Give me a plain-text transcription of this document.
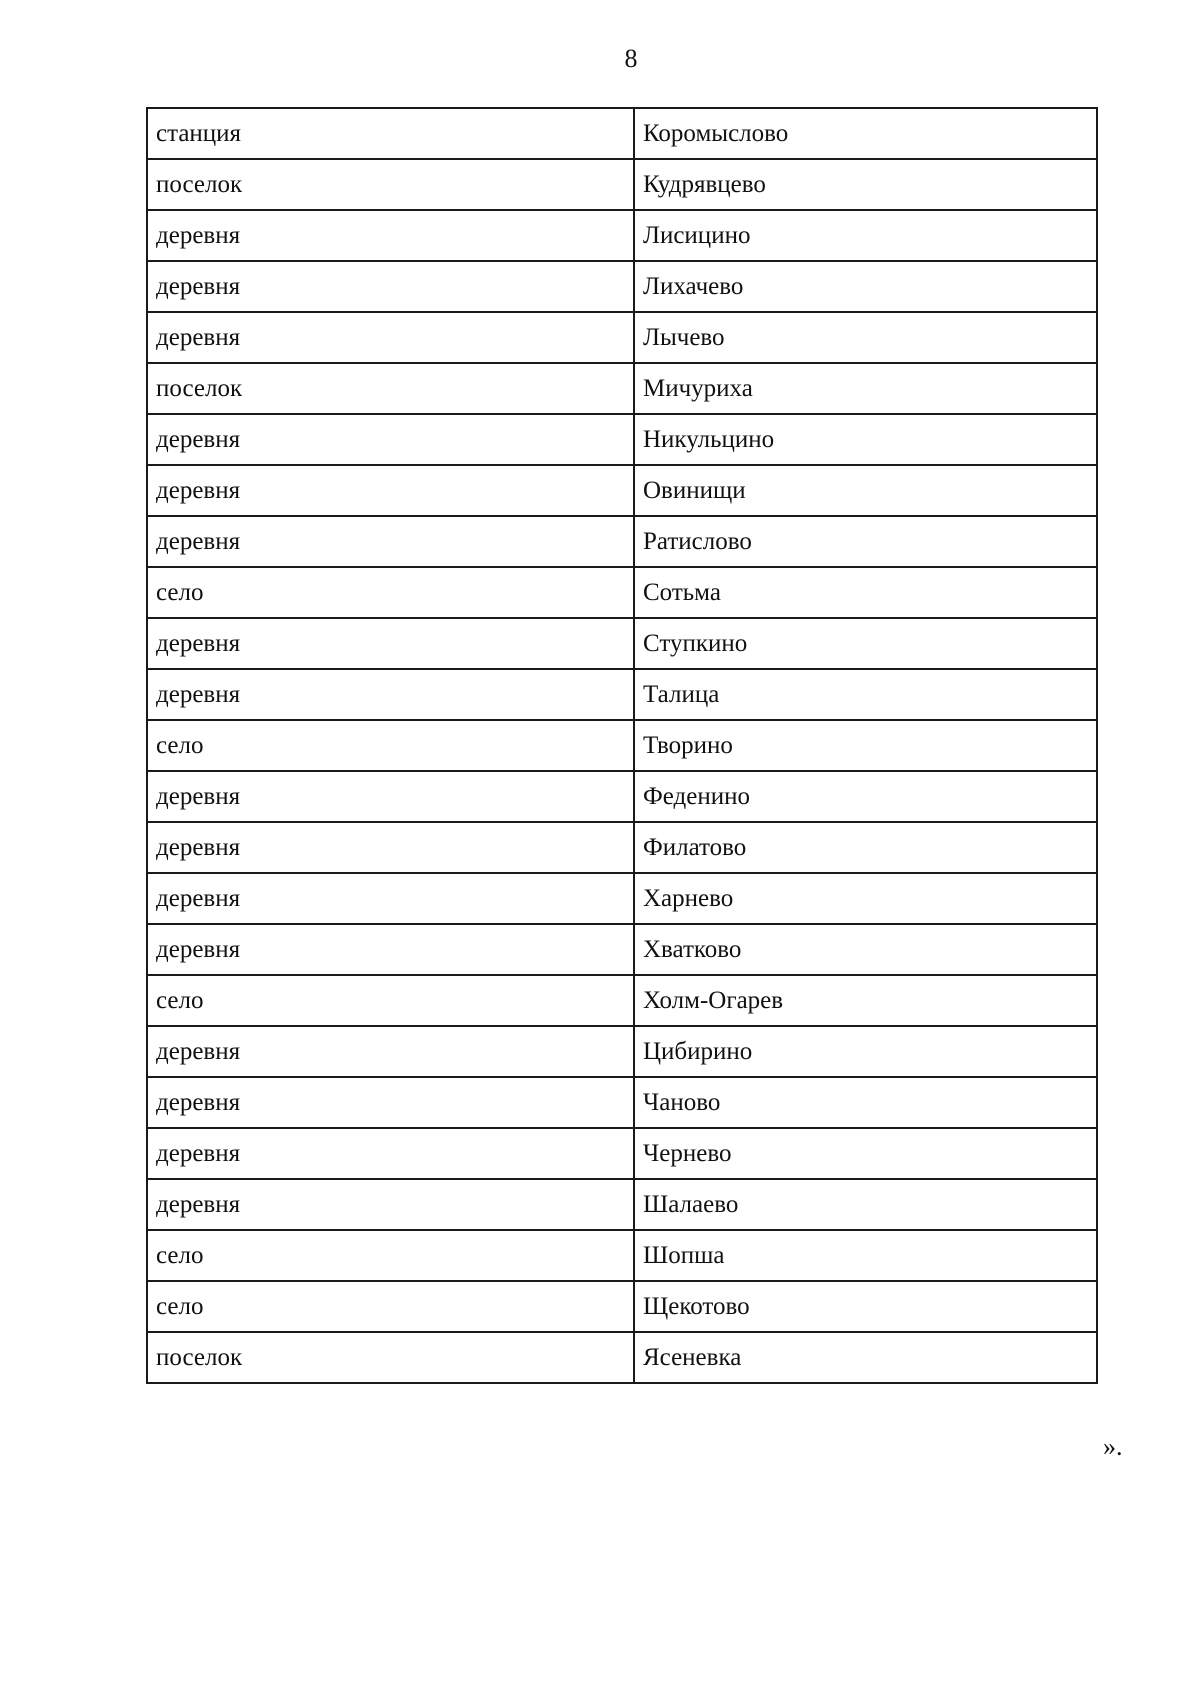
8
станция	Коромыслово
поселок	Кудрявцево
деревня	Лисицино
деревня	Лихачево
деревня	Лычево
поселок	Мичуриха
деревня	Никульцино
деревня	Овинищи
деревня	Ратислово
село	Сотьма
деревня	Ступкино
деревня	Талица
село	Творино
деревня	Феденино
деревня	Филатово
деревня	Харнево
деревня	Хватково
село	Холм-Огарев
деревня	Цибирино
деревня	Чаново
деревня	Чернево
деревня	Шалаево
село	Шопша
село	Щекотово
поселок	Ясеневка
».
